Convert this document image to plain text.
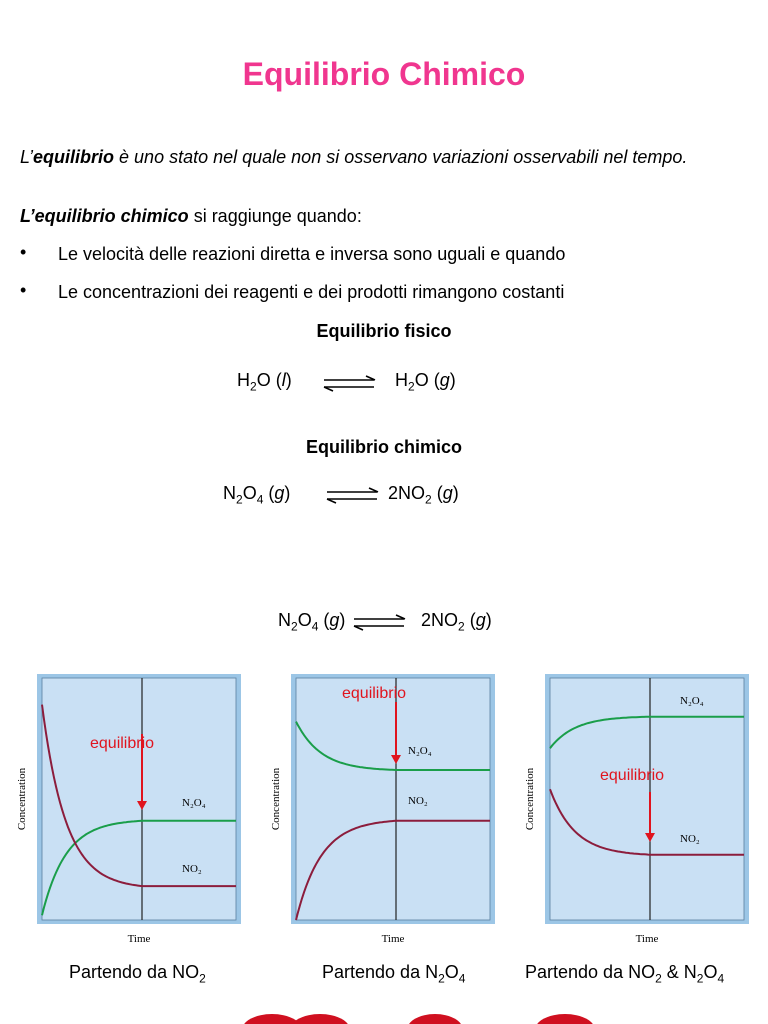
Equilibrio Chimico
L’equilibrio è uno stato nel quale non si osservano variazioni osservabili nel tempo.
L’equilibrio chimico si raggiunge quando:
• Le velocità delle reazioni diretta e inversa sono uguali e quando
• Le concentrazioni dei reagenti e dei prodotti rimangono costanti
Equilibrio fisico
$H_2O$ (l) ⇌ $H_2O$ (g)
Equilibrio chimico
$N_2O_4$ (g) ⇌ $2NO_2$ (g)
$N_2O_4$ (g) ⇌ $2NO_2$ (g)
N₂O₄
NO₂
equilibrio
Time
Concentration
N₂O₄
NO₂
equilibrio
Time
Concentration
N₂O₄
NO₂
equilibrio
Time
Concentration
Partendo da $NO_2$	Partendo da $N_2O_4$	Partendo da $NO_2$ & $N_2O_4$
